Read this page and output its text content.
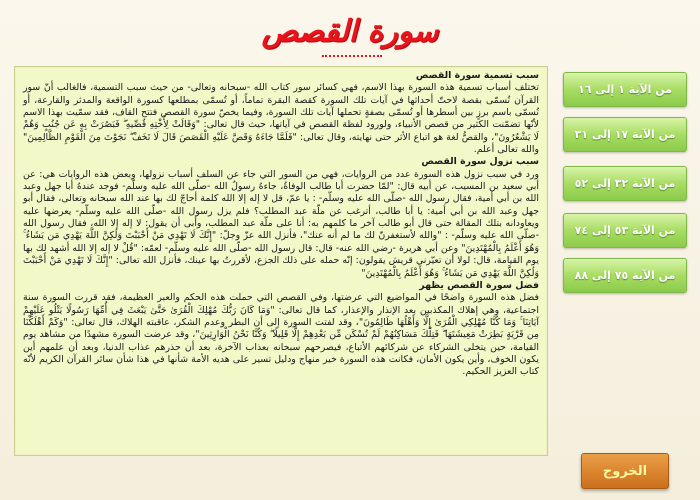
سورة القصص

سبب تسمية سورة القصص

تختلف أسباب تسمية هذه السورة بهذا الاسم، فهي كسائر سور كتاب الله -سبحانه وتعالى- من حيث سبب التسمية، فالغالب أنّ سور القرآن تُسمّى بقصة لاحتّ أحداثها في آيات تلك السورة كقصة البقرة تماماً، أو تُسمّى بمطلعها كسورة الواقعة والمدثر والقارعة، أو تُسمّى باسم برزٍ بين أسطرها أو تُسمّى بصفةٍ تحملها آيات تلك السورة، وفيما يخصّ سورة القصص فتتح القاف، فقد سمّيت بهذا الاسم لأنّها تضمّنت الكثير من قصص الأنبياء، ولورود لفظة القصص في آياتها، حيث قال تعالى: "وَقَالَتْ لِأُخْتِهِ قُصِّيهِ ۖ فَبَصُرَتْ بِهِ عَن جُنُبٍ وَهُمْ لَا يَشْعُرُونَ"، والقصُّ لغة هو اتباع الأثر حتى نهايته، وقال تعالى: "فَلَمَّا جَاءَهُ وَقَصَّ عَلَيْهِ الْقَصَصَ قَالَ لَا تَخَفْ ۖ نَجَوْتَ مِنَ الْقَوْمِ الظَّالِمِينَ" والله تعالى أعلم.

سبب نزول سورة القصص

ورد في سبب نزول هذه السورة عدد من الروايات، فهي من السور التي جاء عن السلف أسباب نزولها، وبعض هذه الروايات هي: عن أبي سعيد بن المسيب، عن أبيه قال: "لمّا حضرت أبا طالب الوفاةُ، جاءهُ رسولُ الله -صلّى الله عليه وسلّم- فوجد عندهُ أبا جهل وعبد الله بن أبي أمية، فقال رسول الله -صلّى الله عليه وسلّم- : يا عمّ، قل لا إله إلا الله كلمة أحاجّ لك بها عند الله سبحانه وتعالى، فقال أبو جهل وعبد الله بن أبي أمية: يا أبا طالب، أترغب عن ملّة عبد المطلب؟ فلم يزل رسول الله -صلّى الله عليه وسلّم- يعرضها عليه ويعاودانه بتلك المقالة حتى قال أبو طالب آخر ما كلمهم به: أنا على ملّة عبد المطلب، وأبى أن يقول: لا إله إلا الله، فقال رسول الله -صلّى الله عليه وسلّم- : "والله لأستغفرنّ لك ما لم أنه عنك"، فأنزل الله عزّ وجلّ: "إِنَّكَ لَا تَهْدِي مَنْ أَحْبَبْتَ وَلَٰكِنَّ اللَّهَ يَهْدِي مَن يَشَاءُ ۚ وَهُوَ أَعْلَمُ بِالْمُهْتَدِينَ" وعن أبي هريرة -رضي الله عنه- قال: قال رسول الله -صلّى الله عليه وسلّم- لعمّه: "قُلْ لا إله إلا الله أشهد لك بها يوم القيامة، قال: لولا أن تعيّرني قريش يقولون: إنّه حمله على ذلك الجزع، لأقررتُ بها عينك، فأنزل الله تعالى: "إِنَّكَ لَا تَهْدِي مَنْ أَحْبَبْتَ وَلَٰكِنَّ اللَّهَ يَهْدِي مَن يَشَاءُ ۚ وَهُوَ أَعْلَمُ بِالْمُهْتَدِينَ"

فضل سورة القصص يظهر

فضل هذه السورة واضحًا في المواضيع التي عرضتها، وفي القصص التي حملت هذه الحكم والعبر العظيمة، فقد قررت السورة سنة اجتماعية، وهي إهلاك المكذبين بعد الإنذار والإعذار، كما قال تعالى: "وَمَا كَانَ رَبُّكَ مُهْلِكَ الْقُرَىٰ حَتَّىٰ يَبْعَثَ فِي أُمِّهَا رَسُولًا يَتْلُو عَلَيْهِمْ آيَاتِنَا ۚ وَمَا كُنَّا مُهْلِكِي الْقُرَىٰ إِلَّا وَأَهْلُهَا ظَالِمُونَ"، وقد لفتت السورة إلى أن البطر وعدم الشكر، عاقبته الهلاك، قال تعالى: "وَكَمْ أَهْلَكْنَا مِن قَرْيَةٍ بَطِرَتْ مَعِيشَتَهَا ۖ فَتِلْكَ مَسَاكِنُهُمْ لَمْ تُسْكَن مِّن بَعْدِهِمْ إِلَّا قَلِيلًا ۖ وَكُنَّا نَحْنُ الْوَارِثِينَ"، وقد عرضت السورة مشهدًا من مشاهد يوم القيامة، حين يتخلى الشركاء عن شركائهم الأتباع، فيصرحهم سبحانه بعذاب الآخرة، بعد أن حذرهم عذاب الدنيا، وبعد أن علمهم أين يكون الخوف، وأين يكون الأمان، فكانت هذه السورة خير منهاج ودليل تسير على هديه الأمة شأنها في هذا شأن سائر القرآن الكريم لأنّه كتاب العزيز الحكيم.

من الآية ١ إلى ١٦
من الآية ١٧ إلى ٣١
من الآية ٣٢ إلى ٥٢
من الآية ٥٣ إلى ٧٤
من الآية ٧٥ إلى ٨٨
الخروج
